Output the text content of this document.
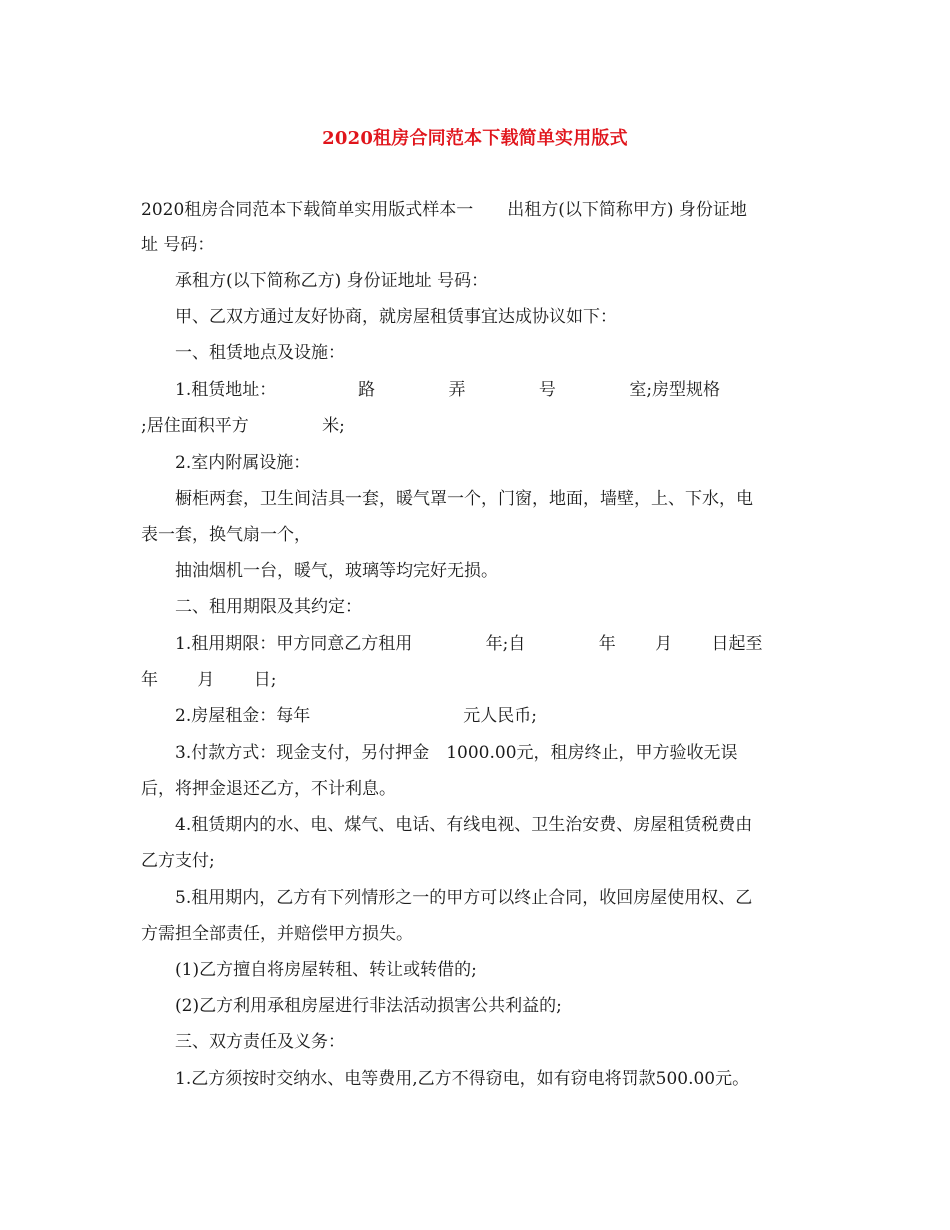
2020租房合同范本下载简单实用版式
2020租房合同范本下载简单实用版式样本一　　出租方(以下简称甲方) 身份证地
址 号码：
承租方(以下简称乙方) 身份证地址 号码：
甲、乙双方通过友好协商，就房屋租赁事宜达成协议如下：
一、租赁地点及设施：
1.租赁地址：　　　　　 路　　　　 弄　　　　 号　　　　 室;房型规格
;居住面积平方　　　　 米;
2.室内附属设施：
橱柜两套，卫生间洁具一套，暖气罩一个，门窗，地面，墙壁，上、下水，电
表一套，换气扇一个，
抽油烟机一台，暖气，玻璃等均完好无损。
二、租用期限及其约定：
1.租用期限：甲方同意乙方租用　　　　 年;自　　　　 年　　 月　　 日起至
年　　 月　　 日;
2.房屋租金：每年　　　　　　　　　元人民币;
3.付款方式：现金支付，另付押金　1000.00元，租房终止，甲方验收无误
后，将押金退还乙方，不计利息。
4.租赁期内的水、电、煤气、电话、有线电视、卫生治安费、房屋租赁税费由
乙方支付;
5.租用期内，乙方有下列情形之一的甲方可以终止合同，收回房屋使用权、乙
方需担全部责任，并赔偿甲方损失。
(1)乙方擅自将房屋转租、转让或转借的;
(2)乙方利用承租房屋进行非法活动损害公共利益的;
三、双方责任及义务：
1.乙方须按时交纳水、电等费用,乙方不得窃电，如有窃电将罚款500.00元。
